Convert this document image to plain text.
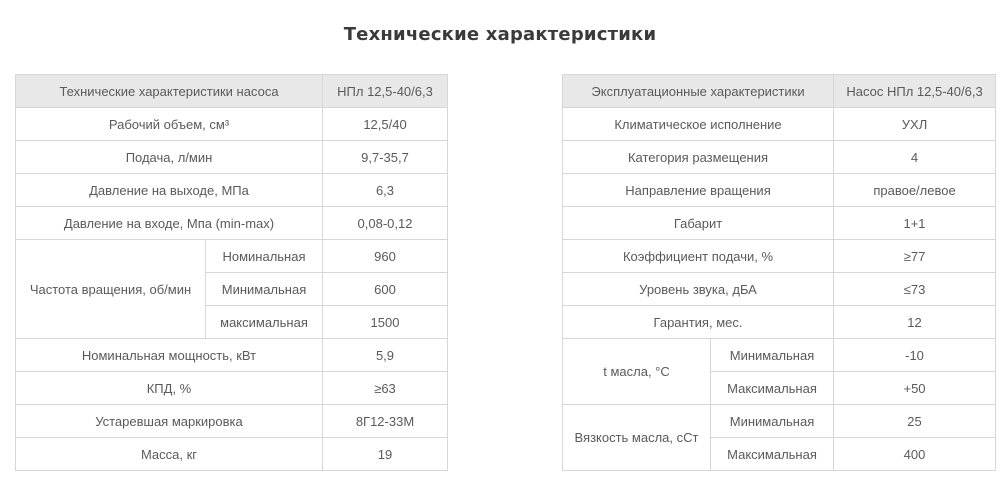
Технические характеристики
Технические характеристики насоса		НПл 12,5-40/6,3
Рабочий объем, см³		12,5/40
Подача, л/мин		9,7-35,7
Давление на выходе, МПа		6,3
Давление на входе, Мпа (min-max)		0,08-0,12
Частота вращения, об/мин	Номинальная	960
	Минимальная	600
	максимальная	1500
Номинальная мощность, кВт		5,9
КПД, %		≥63
Устаревшая маркировка		8Г12-33М
Масса, кг		19
Эксплуатационные характеристики		Насос НПл 12,5-40/6,3
Климатическое исполнение		УХЛ
Категория размещения		4
Направление вращения		правое/левое
Габарит		1+1
Коэффициент подачи, %		≥77
Уровень звука, дБА		≤73
Гарантия, мес.		12
t масла, °С	Минимальная	-10
	Максимальная	+50
Вязкость масла, сСт	Минимальная	25
	Максимальная	400
